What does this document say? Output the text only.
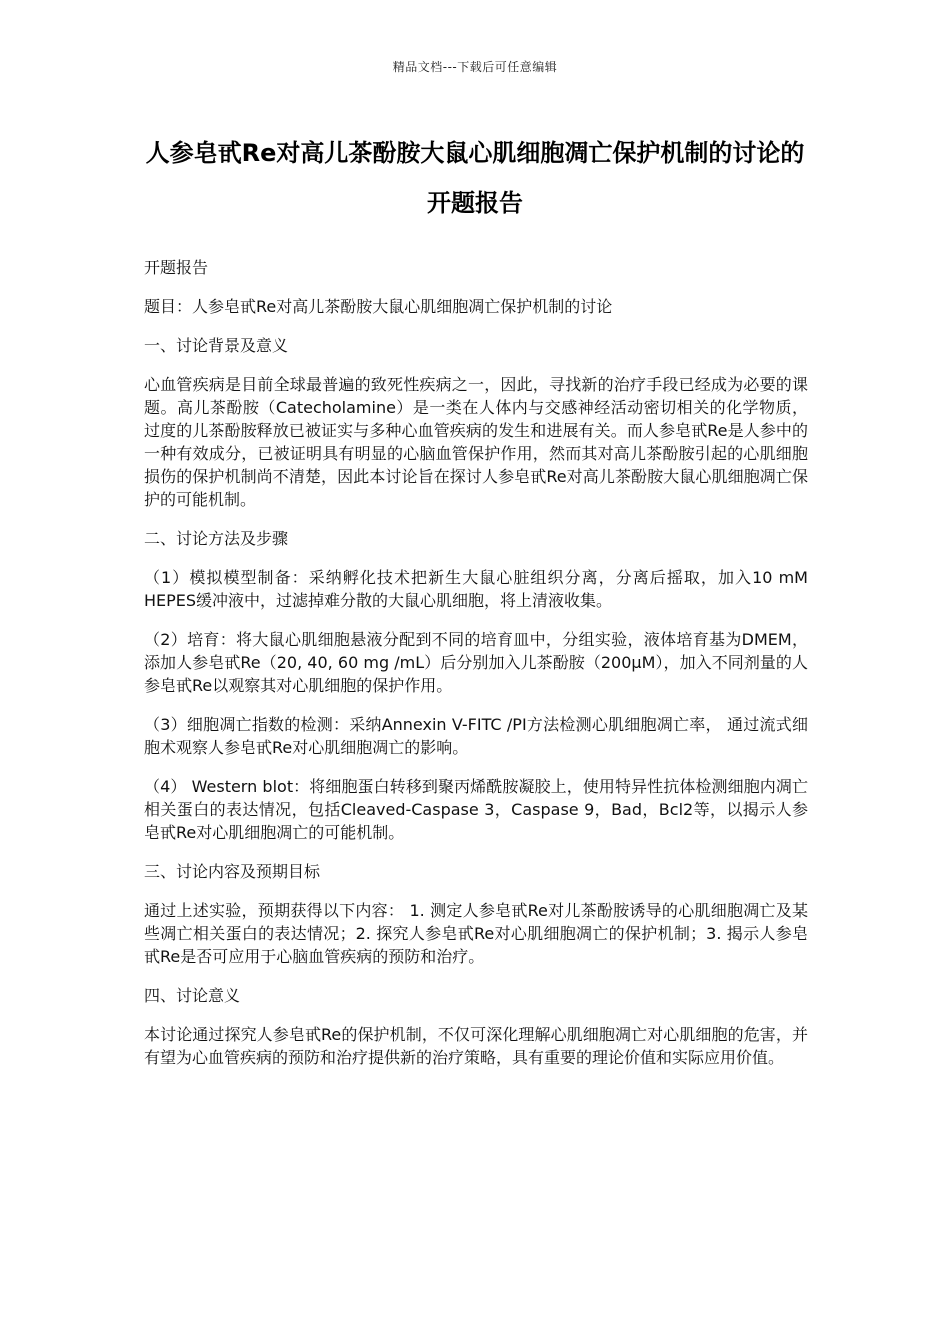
精品文档---下载后可任意编辑
人参皂甙Re对高儿茶酚胺大鼠心肌细胞凋亡保护机制的讨论的开题报告

开题报告

题目：人参皂甙Re对高儿茶酚胺大鼠心肌细胞凋亡保护机制的讨论

一、讨论背景及意义

心血管疾病是目前全球最普遍的致死性疾病之一，因此，寻找新的治疗手段已经成为必要的课题。高儿茶酚胺（Catecholamine）是一类在人体内与交感神经活动密切相关的化学物质，过度的儿茶酚胺释放已被证实与多种心血管疾病的发生和进展有关。而人参皂甙Re是人参中的一种有效成分，已被证明具有明显的心脑血管保护作用，然而其对高儿茶酚胺引起的心肌细胞损伤的保护机制尚不清楚，因此本讨论旨在探讨人参皂甙Re对高儿茶酚胺大鼠心肌细胞凋亡保护的可能机制。

二、讨论方法及步骤

（1）模拟模型制备：采纳孵化技术把新生大鼠心脏组织分离，分离后摇取，加入10 mM HEPES缓冲液中，过滤掉难分散的大鼠心肌细胞，将上清液收集。

（2）培育：将大鼠心肌细胞悬液分配到不同的培育皿中，分组实验，液体培育基为DMEM，添加人参皂甙Re（20, 40, 60 mg /mL）后分别加入儿茶酚胺（200μM），加入不同剂量的人参皂甙Re以观察其对心肌细胞的保护作用。

（3）细胞凋亡指数的检测：采纳Annexin V-FITC /PI方法检测心肌细胞凋亡率， 通过流式细胞术观察人参皂甙Re对心肌细胞凋亡的影响。

（4） Western blot：将细胞蛋白转移到聚丙烯酰胺凝胶上，使用特异性抗体检测细胞内凋亡相关蛋白的表达情况，包括Cleaved-Caspase 3，Caspase 9，Bad，Bcl2等，以揭示人参皂甙Re对心肌细胞凋亡的可能机制。

三、讨论内容及预期目标

通过上述实验，预期获得以下内容： 1. 测定人参皂甙Re对儿茶酚胺诱导的心肌细胞凋亡及某些凋亡相关蛋白的表达情况；2. 探究人参皂甙Re对心肌细胞凋亡的保护机制；3. 揭示人参皂甙Re是否可应用于心脑血管疾病的预防和治疗。

四、讨论意义

本讨论通过探究人参皂甙Re的保护机制，不仅可深化理解心肌细胞凋亡对心肌细胞的危害，并有望为心血管疾病的预防和治疗提供新的治疗策略，具有重要的理论价值和实际应用价值。
